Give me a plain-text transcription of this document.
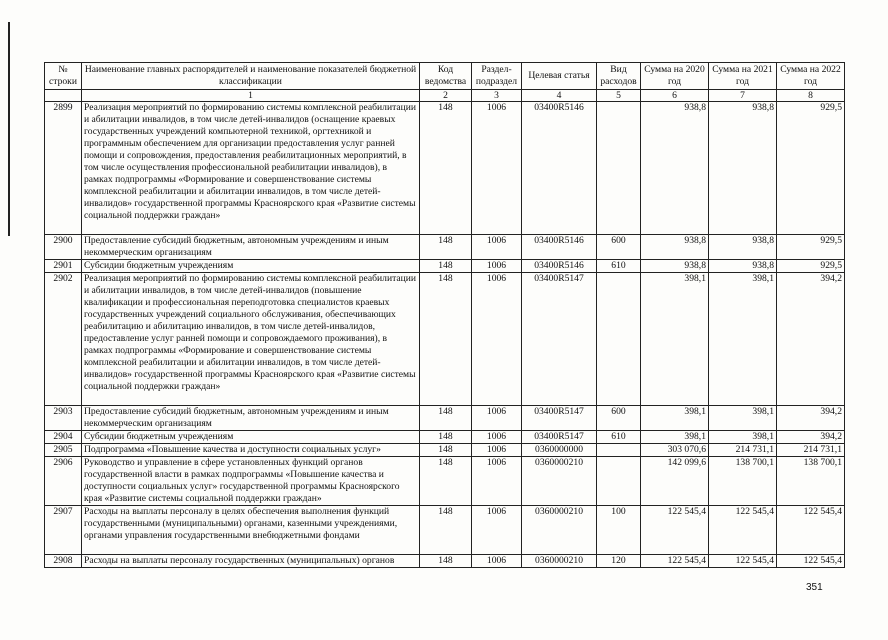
№ строки	Наименование главных распорядителей и наименование показателей бюджетной классификации	Код ведомства	Раздел-подраздел	Целевая статья	Вид расходов	Сумма на 2020 год	Сумма на 2021 год	Сумма на 2022 год
	1	2	3	4	5	6	7	8
2899	Реализация мероприятий по формированию системы комплексной реабилитации и абилитации инвалидов, в том числе детей-инвалидов (оснащение краевых государственных учреждений компьютерной техникой, оргтехникой и программным обеспечением для организации предоставления услуг ранней помощи и сопровождения, предоставления реабилитационных мероприятий, в том числе осуществления профессиональной реабилитации инвалидов), в рамках подпрограммы «Формирование и совершенствование системы комплексной реабилитации и абилитации инвалидов, в том числе детей-инвалидов» государственной программы Красноярского края «Развитие системы социальной поддержки граждан»	148	1006	03400R5146		938,8	938,8	929,5
2900	Предоставление субсидий бюджетным, автономным учреждениям и иным некоммерческим организациям	148	1006	03400R5146	600	938,8	938,8	929,5
2901	Субсидии бюджетным учреждениям	148	1006	03400R5146	610	938,8	938,8	929,5
2902	Реализация мероприятий по формированию системы комплексной реабилитации и абилитации инвалидов, в том числе детей-инвалидов (повышение квалификации и профессиональная переподготовка специалистов краевых государственных учреждений социального обслуживания, обеспечивающих реабилитацию и абилитацию инвалидов, в том числе детей-инвалидов, предоставление услуг ранней помощи и сопровождаемого проживания), в рамках подпрограммы «Формирование и совершенствование системы комплексной реабилитации и абилитации инвалидов, в том числе детей-инвалидов» государственной программы Красноярского края «Развитие системы социальной поддержки граждан»	148	1006	03400R5147		398,1	398,1	394,2
2903	Предоставление субсидий бюджетным, автономным учреждениям и иным некоммерческим организациям	148	1006	03400R5147	600	398,1	398,1	394,2
2904	Субсидии бюджетным учреждениям	148	1006	03400R5147	610	398,1	398,1	394,2
2905	Подпрограмма «Повышение качества и доступности социальных услуг»	148	1006	0360000000		303 070,6	214 731,1	214 731,1
2906	Руководство и управление в сфере установленных функций органов государственной власти в рамках подпрограммы «Повышение качества и доступности социальных услуг» государственной программы Красноярского края «Развитие системы социальной поддержки граждан»	148	1006	0360000210		142 099,6	138 700,1	138 700,1
2907	Расходы на выплаты персоналу в целях обеспечения выполнения функций государственными (муниципальными) органами, казенными учреждениями, органами управления государственными внебюджетными фондами	148	1006	0360000210	100	122 545,4	122 545,4	122 545,4
2908	Расходы на выплаты персоналу государственных (муниципальных) органов	148	1006	0360000210	120	122 545,4	122 545,4	122 545,4
351
